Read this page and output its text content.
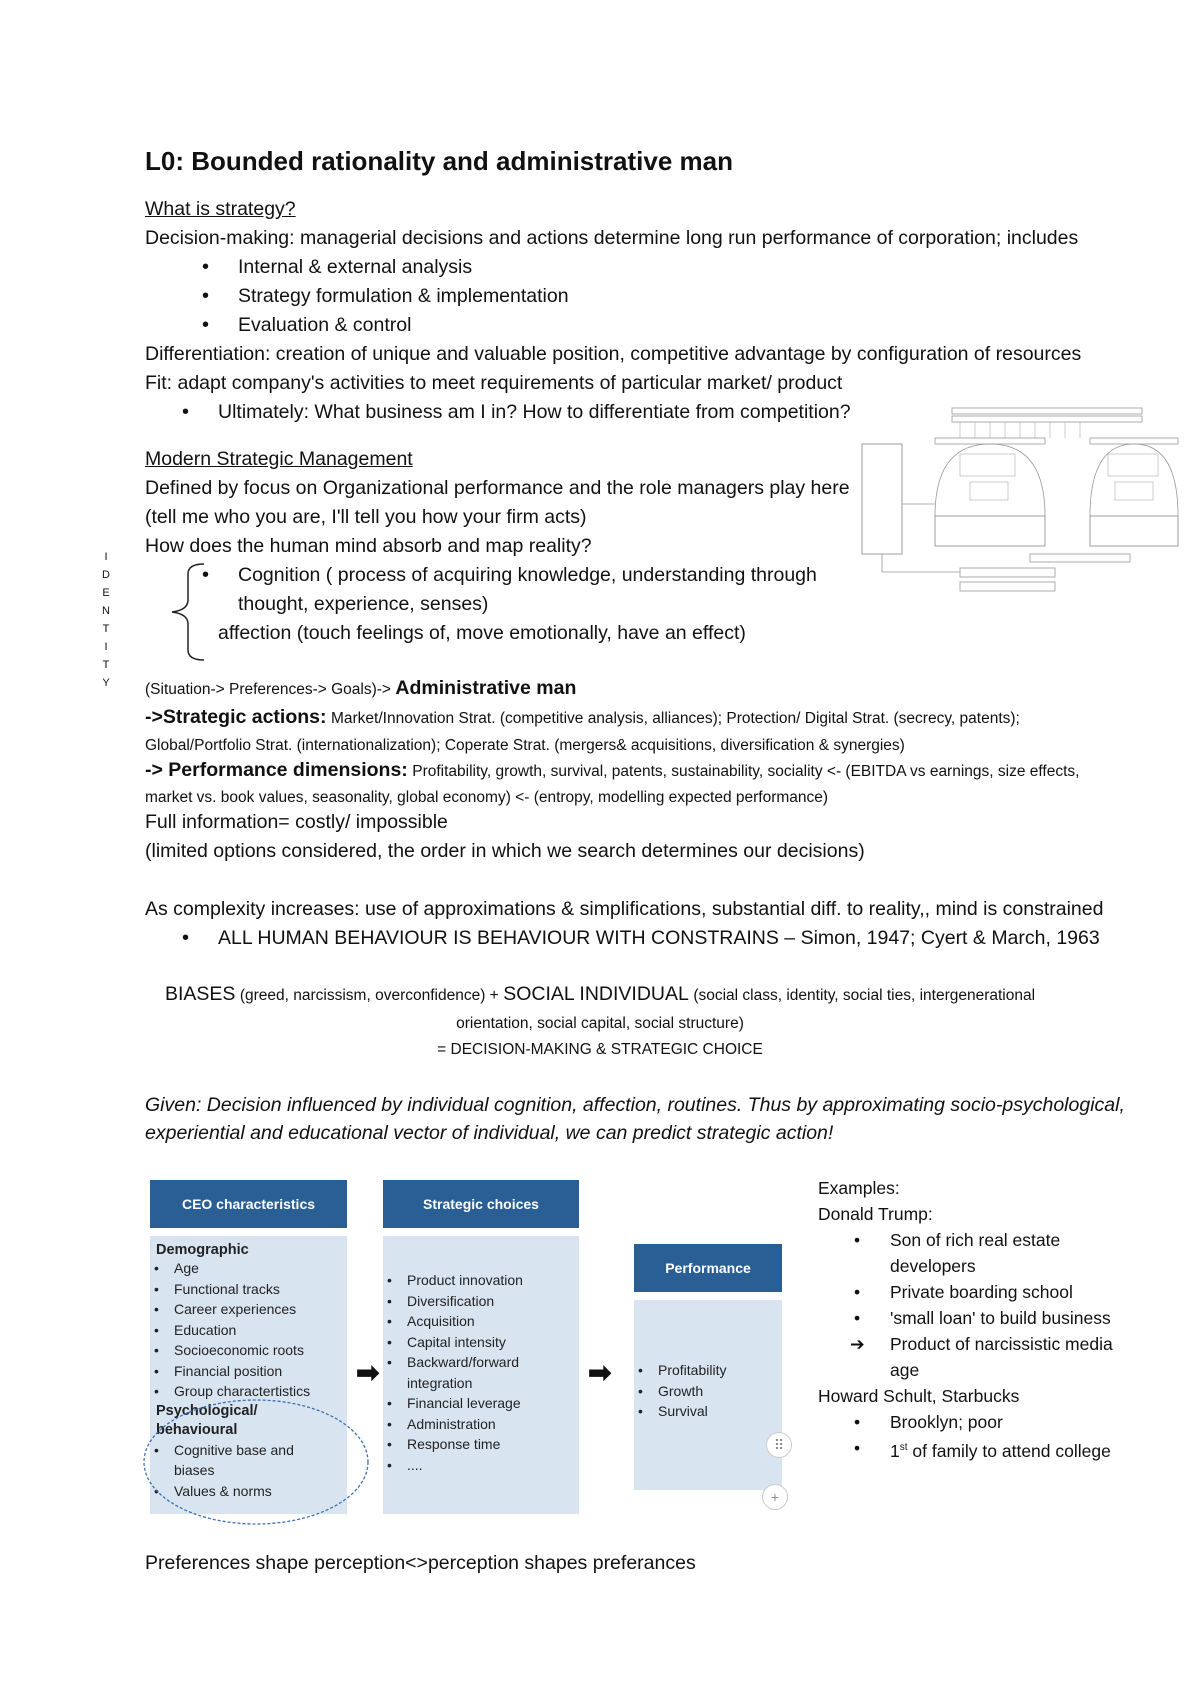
L0: Bounded rationality and administrative man
What is strategy?
Decision-making: managerial decisions and actions determine long run performance of corporation; includes
• Internal & external analysis
• Strategy formulation & implementation
• Evaluation & control
Differentiation: creation of unique and valuable position, competitive advantage by configuration of resources
Fit: adapt company's activities to meet requirements of particular market/ product
• Ultimately: What business am I in? How to differentiate from competition?
Modern Strategic Management
Defined by focus on Organizational performance and the role managers play here
(tell me who you are, I'll tell you how your firm acts)
How does the human mind absorb and map reality?
• Cognition ( process of acquiring knowledge, understanding through
thought, experience, senses)
affection (touch feelings of, move emotionally, have an effect)
I
D
E
N
T
I
T
Y (Situation-> Preferences-> Goals)-> Administrative man
->Strategic actions: Market/Innovation Strat. (competitive analysis, alliances); Protection/ Digital Strat. (secrecy, patents);
Global/Portfolio Strat. (internationalization); Coperate Strat. (mergers& acquisitions, diversification & synergies)
-> Performance dimensions: Profitability, growth, survival, patents, sustainability, sociality <- (EBITDA vs earnings, size effects,
market vs. book values, seasonality, global economy) <- (entropy, modelling expected performance)
Full information= costly/ impossible
(limited options considered, the order in which we search determines our decisions)
As complexity increases: use of approximations & simplifications, substantial diff. to reality,, mind is constrained
• ALL HUMAN BEHAVIOUR IS BEHAVIOUR WITH CONSTRAINS – Simon, 1947; Cyert & March, 1963
BIASES (greed, narcissism, overconfidence) + SOCIAL INDIVIDUAL (social class, identity, social ties, intergenerational
orientation, social capital, social structure)
= DECISION-MAKING & STRATEGIC CHOICE
Given: Decision influenced by individual cognition, affection, routines. Thus by approximating socio-psychological,
experiential and educational vector of individual, we can predict strategic action!
CEO characteristics
Demographic
• Age
• Functional tracks
• Career experiences
• Education
• Socioeconomic roots
• Financial position
• Group charactertistics
Psychological/
behavioural
• Cognitive base and
biases
• Values & norms
➡
Strategic choices
• Product innovation
• Diversification
• Acquisition
• Capital intensity
• Backward/forward
integration
• Financial leverage
• Administration
• Response time
• ....
➡
Performance
• Profitability
• Growth
• Survival
⠿
+
Examples:
Donald Trump:
• Son of rich real estate
developers
• Private boarding school
• 'small loan' to build business
➔ Product of narcissistic media
age
Howard Schult, Starbucks
• Brooklyn; poor
• 1st of family to attend college
Preferences shape perception<>perception shapes preferances
